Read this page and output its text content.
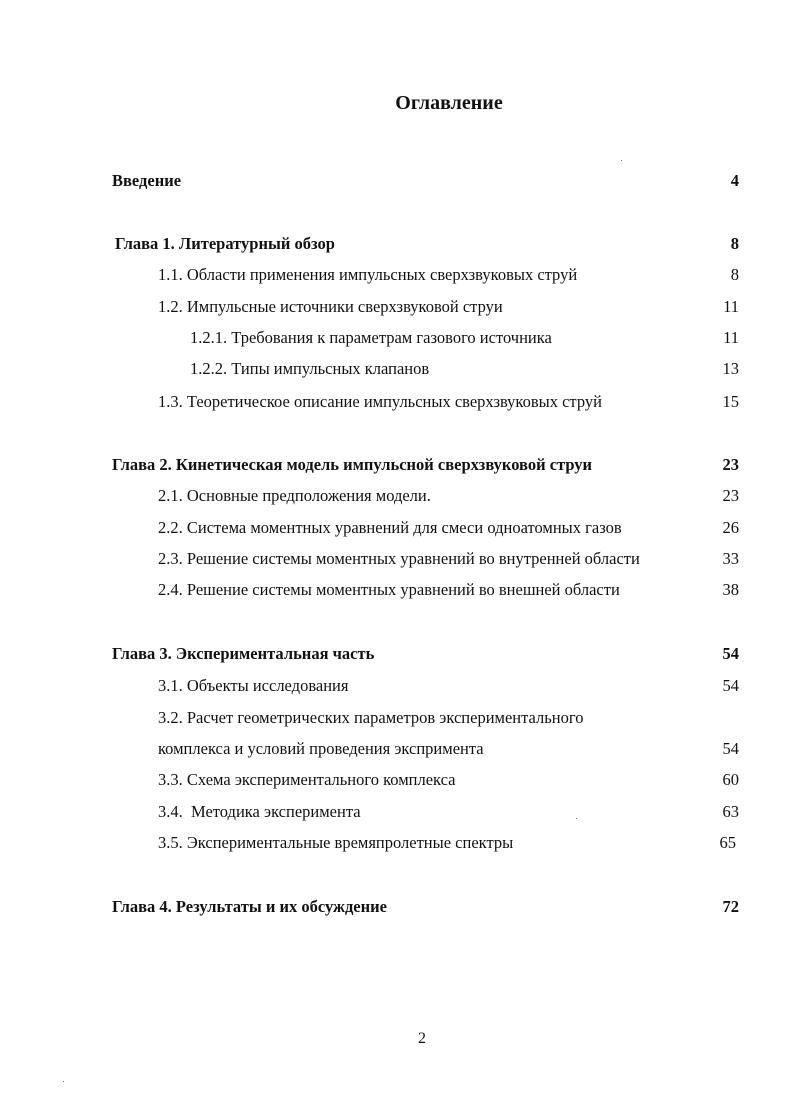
Оглавление
Введение	4
Глава 1. Литературный обзор	8
1.1. Области применения импульсных сверхзвуковых струй	8
1.2. Импульсные источники сверхзвуковой струи	11
1.2.1. Требования к параметрам газового источника	11
1.2.2. Типы импульсных клапанов	13
1.3. Теоретическое описание импульсных сверхзвуковых струй	15
Глава 2. Кинетическая модель импульсной сверхзвуковой струи	23
2.1. Основные предположения модели.	23
2.2. Система моментных уравнений для смеси одноатомных газов	26
2.3. Решение системы моментных уравнений во внутренней области	33
2.4. Решение системы моментных уравнений во внешней области	38
Глава 3. Экспериментальная часть	54
3.1. Объекты исследования	54
3.2. Расчет геометрических параметров экспериментального
комплекса и условий проведения экспримента	54
3.3. Схема экспериментального комплекса	60
3.4.  Методика эксперимента	63
3.5. Экспериментальные времяпролетные спектры	65
Глава 4. Результаты и их обсуждение	72
2
